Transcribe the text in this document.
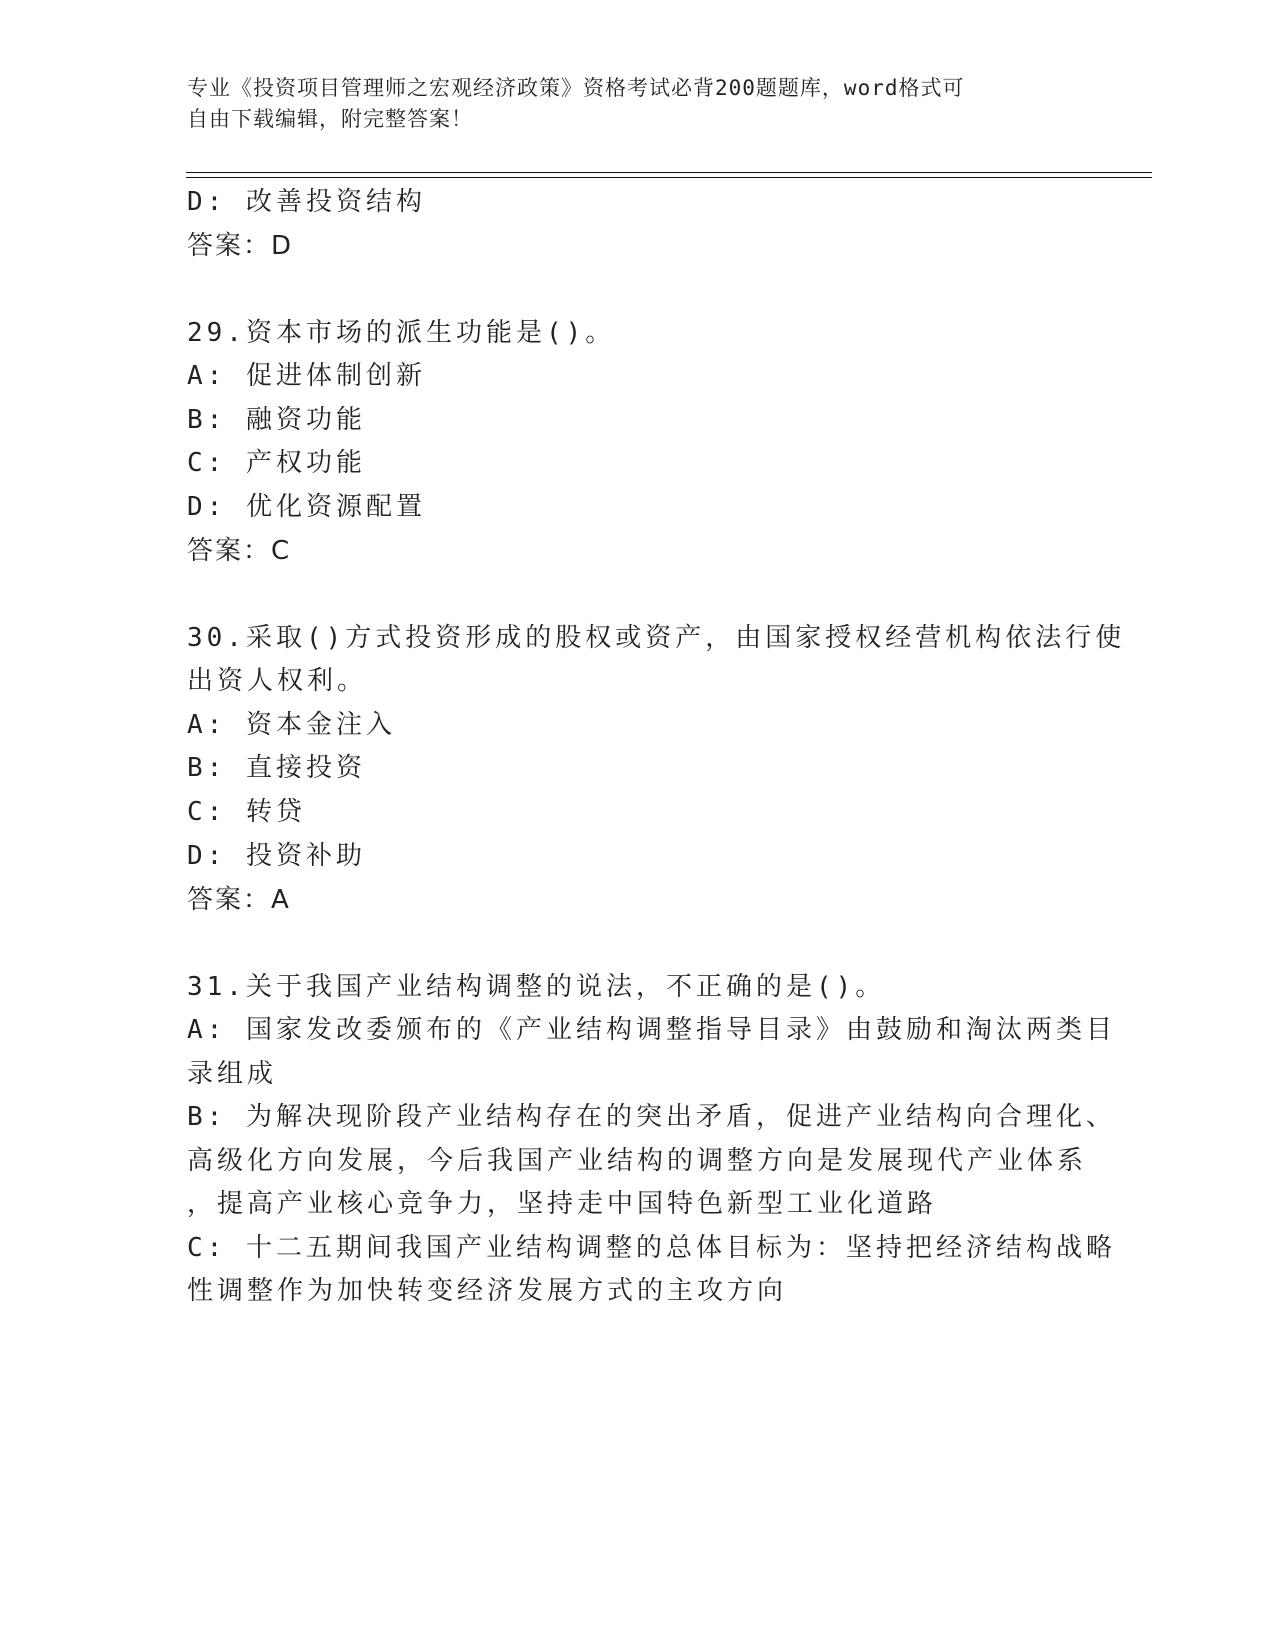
专业《投资项目管理师之宏观经济政策》资格考试必背200题题库，word格式可
自由下载编辑，附完整答案！
D: 改善投资结构
答案：D
29.资本市场的派生功能是()。
A: 促进体制创新
B: 融资功能
C: 产权功能
D: 优化资源配置
答案：C
30.采取()方式投资形成的股权或资产，由国家授权经营机构依法行使
出资人权利。
A: 资本金注入
B: 直接投资
C: 转贷
D: 投资补助
答案：A
31.关于我国产业结构调整的说法，不正确的是()。
A: 国家发改委颁布的《产业结构调整指导目录》由鼓励和淘汰两类目
录组成
B: 为解决现阶段产业结构存在的突出矛盾，促进产业结构向合理化、
高级化方向发展，今后我国产业结构的调整方向是发展现代产业体系
，提高产业核心竞争力，坚持走中国特色新型工业化道路
C: 十二五期间我国产业结构调整的总体目标为：坚持把经济结构战略
性调整作为加快转变经济发展方式的主攻方向
